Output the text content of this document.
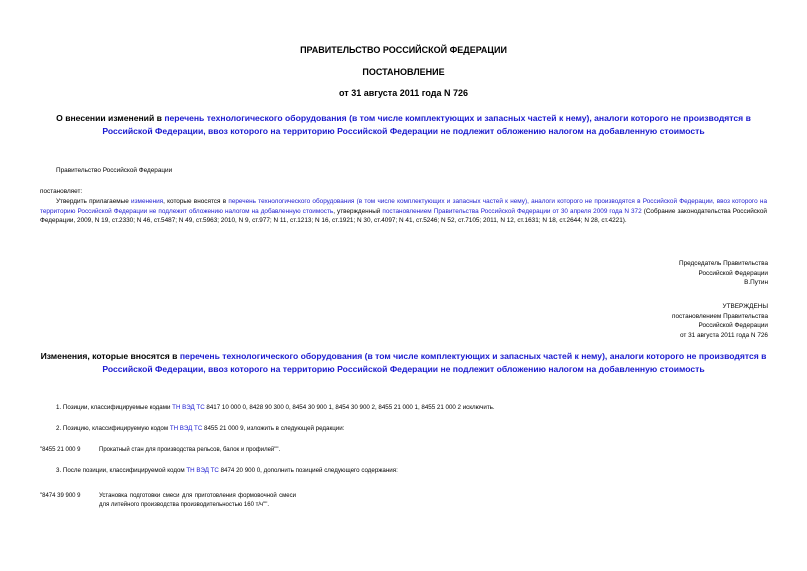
ПРАВИТЕЛЬСТВО РОССИЙСКОЙ ФЕДЕРАЦИИ
ПОСТАНОВЛЕНИЕ
от 31 августа 2011 года N 726
О внесении изменений в перечень технологического оборудования (в том числе комплектующих и запасных частей к нему), аналоги которого не производятся в Российской Федерации, ввоз которого на территорию Российской Федерации не подлежит обложению налогом на добавленную стоимость
Правительство Российской Федерации
постановляет:
Утвердить прилагаемые изменения, которые вносятся в перечень технологического оборудования (в том числе комплектующих и запасных частей к нему), аналоги которого не производятся в Российской Федерации, ввоз которого на территорию Российской Федерации не подлежит обложению налогом на добавленную стоимость, утвержденный постановлением Правительства Российской Федерации от 30 апреля 2009 года N 372 (Собрание законодательства Российской Федерации, 2009, N 19, ст.2330; N 46, ст.5487; N 49, ст.5963; 2010, N 9, ст.977; N 11, ст.1213; N 16, ст.1921; N 30, ст.4097; N 41, ст.5246; N 52, ст.7105; 2011, N 12, ст.1631; N 18, ст.2644; N 28, ст.4221).
Председатель Правительства
Российской Федерации
В.Путин
УТВЕРЖДЕНЫ
постановлением Правительства
Российской Федерации
от 31 августа 2011 года N 726
Изменения, которые вносятся в перечень технологического оборудования (в том числе комплектующих и запасных частей к нему), аналоги которого не производятся в Российской Федерации, ввоз которого на территорию Российской Федерации не подлежит обложению налогом на добавленную стоимость
1. Позиции, классифицируемые кодами ТН ВЭД ТС 8417 10 000 0, 8428 90 300 0, 8454 30 900 1, 8454 30 900 2, 8455 21 000 1, 8455 21 000 2 исключить.
2. Позицию, классифицируемую кодом ТН ВЭД ТС 8455 21 000 9, изложить в следующей редакции:
"8455 21 000 9	Прокатный стан для производства рельсов, балок и профилей"".
3. После позиции, классифицируемой кодом ТН ВЭД ТС 8474 20 900 0, дополнить позицией следующего содержания:
"8474 39 900 9	Установка подготовки смеси для приготовления формовочной смеси для литейного производства производительностью 160 т/ч"".
